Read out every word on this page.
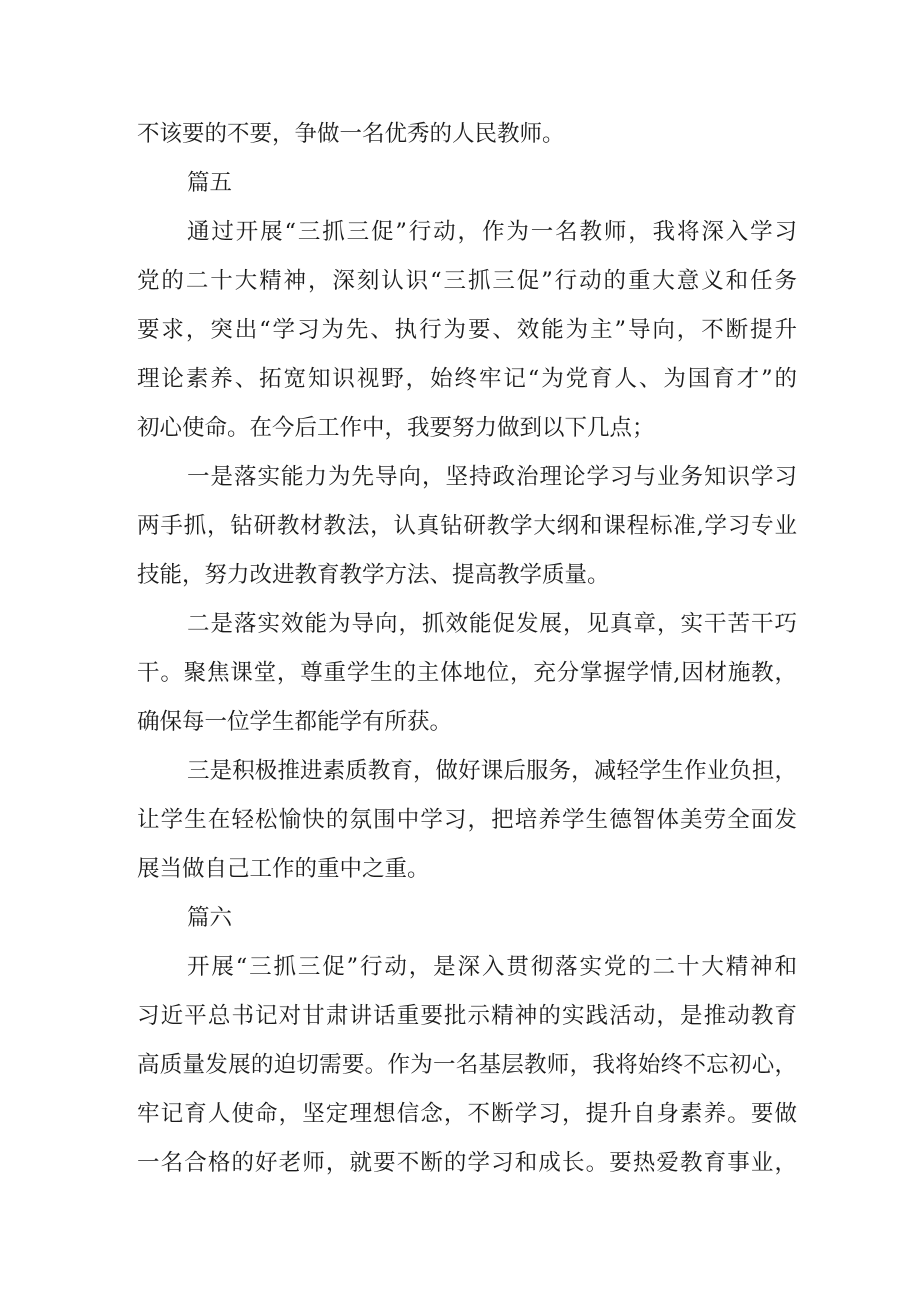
不该要的不要，争做一名优秀的人民教师。
篇五
通过开展“三抓三促”行动，作为一名教师，我将深入学习
党的二十大精神，深刻认识“三抓三促”行动的重大意义和任务
要求，突出“学习为先、执行为要、效能为主”导向，不断提升
理论素养、拓宽知识视野，始终牢记“为党育人、为国育才”的
初心使命。在今后工作中，我要努力做到以下几点；
一是落实能力为先导向，坚持政治理论学习与业务知识学习
两手抓，钻研教材教法，认真钻研教学大纲和课程标准,学习专业
技能，努力改进教育教学方法、提高教学质量。
二是落实效能为导向，抓效能促发展，见真章，实干苦干巧
干。聚焦课堂，尊重学生的主体地位，充分掌握学情,因材施教，
确保每一位学生都能学有所获。
三是积极推进素质教育，做好课后服务，减轻学生作业负担，
让学生在轻松愉快的氛围中学习，把培养学生德智体美劳全面发
展当做自己工作的重中之重。
篇六
开展“三抓三促”行动，是深入贯彻落实党的二十大精神和
习近平总书记对甘肃讲话重要批示精神的实践活动，是推动教育
高质量发展的迫切需要。作为一名基层教师，我将始终不忘初心，
牢记育人使命，坚定理想信念，不断学习，提升自身素养。要做
一名合格的好老师，就要不断的学习和成长。要热爱教育事业，
